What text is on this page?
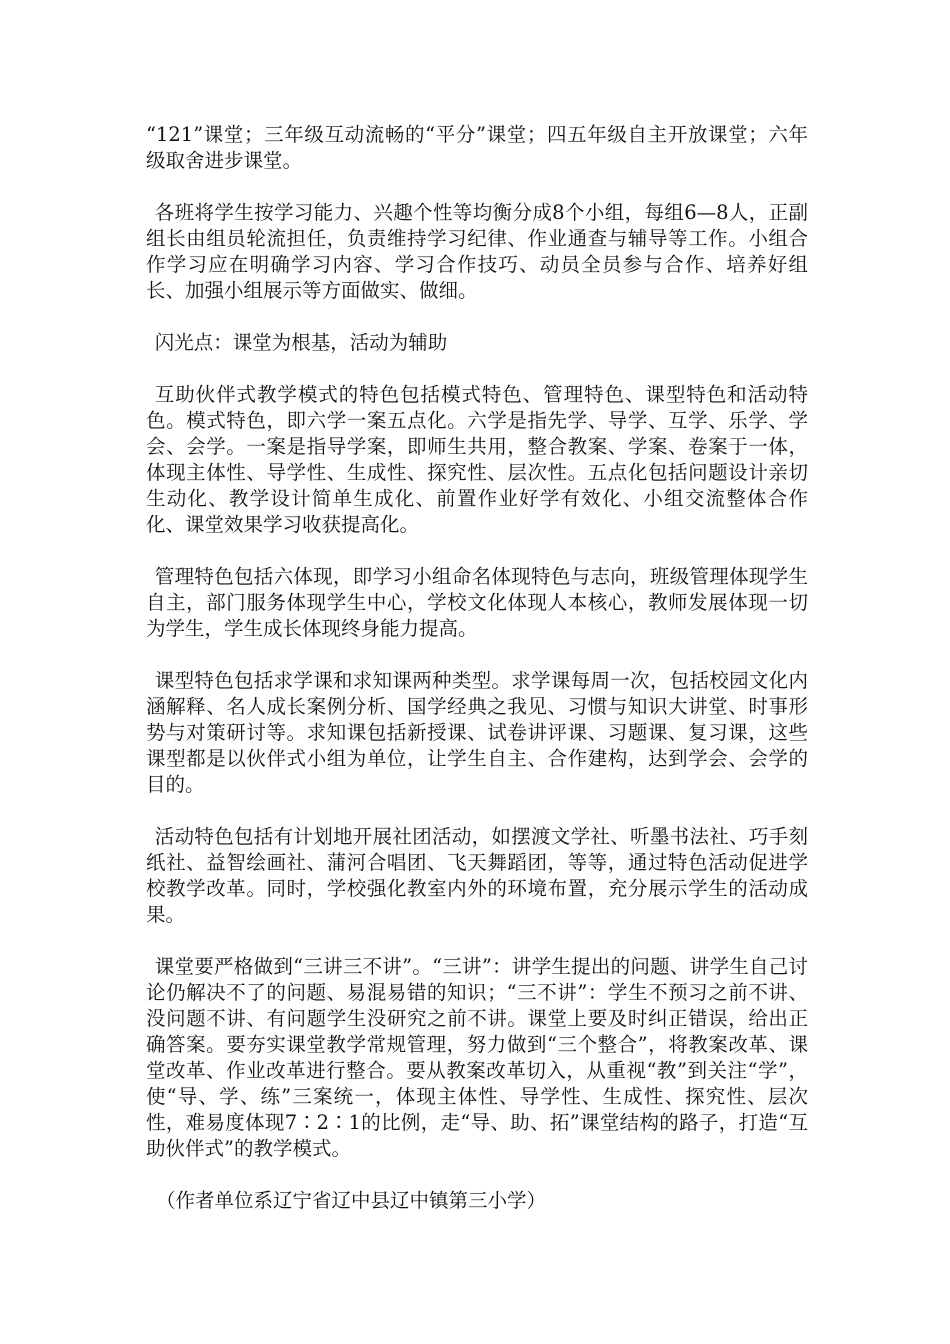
“121”课堂；三年级互动流畅的“平分”课堂；四五年级自主开放课堂；六年级取舍进步课堂。

各班将学生按学习能力、兴趣个性等均衡分成8个小组，每组6—8人，正副组长由组员轮流担任，负责维持学习纪律、作业通查与辅导等工作。小组合作学习应在明确学习内容、学习合作技巧、动员全员参与合作、培养好组长、加强小组展示等方面做实、做细。

闪光点：课堂为根基，活动为辅助

互助伙伴式教学模式的特色包括模式特色、管理特色、课型特色和活动特色。模式特色，即六学一案五点化。六学是指先学、导学、互学、乐学、学会、会学。一案是指导学案，即师生共用，整合教案、学案、卷案于一体，体现主体性、导学性、生成性、探究性、层次性。五点化包括问题设计亲切生动化、教学设计简单生成化、前置作业好学有效化、小组交流整体合作化、课堂效果学习收获提高化。

管理特色包括六体现，即学习小组命名体现特色与志向，班级管理体现学生自主，部门服务体现学生中心，学校文化体现人本核心，教师发展体现一切为学生，学生成长体现终身能力提高。

课型特色包括求学课和求知课两种类型。求学课每周一次，包括校园文化内涵解释、名人成长案例分析、国学经典之我见、习惯与知识大讲堂、时事形势与对策研讨等。求知课包括新授课、试卷讲评课、习题课、复习课，这些课型都是以伙伴式小组为单位，让学生自主、合作建构，达到学会、会学的目的。

活动特色包括有计划地开展社团活动，如摆渡文学社、听墨书法社、巧手刻纸社、益智绘画社、蒲河合唱团、飞天舞蹈团，等等，通过特色活动促进学校教学改革。同时，学校强化教室内外的环境布置，充分展示学生的活动成果。

课堂要严格做到“三讲三不讲”。“三讲”：讲学生提出的问题、讲学生自己讨论仍解决不了的问题、易混易错的知识；“三不讲”：学生不预习之前不讲、没问题不讲、有问题学生没研究之前不讲。课堂上要及时纠正错误，给出正确答案。要夯实课堂教学常规管理，努力做到“三个整合”，将教案改革、课堂改革、作业改革进行整合。要从教案改革切入，从重视“教”到关注“学”，使“导、学、练”三案统一，体现主体性、导学性、生成性、探究性、层次性，难易度体现7∶2∶1的比例，走“导、助、拓”课堂结构的路子，打造“互助伙伴式”的教学模式。

（作者单位系辽宁省辽中县辽中镇第三小学）
